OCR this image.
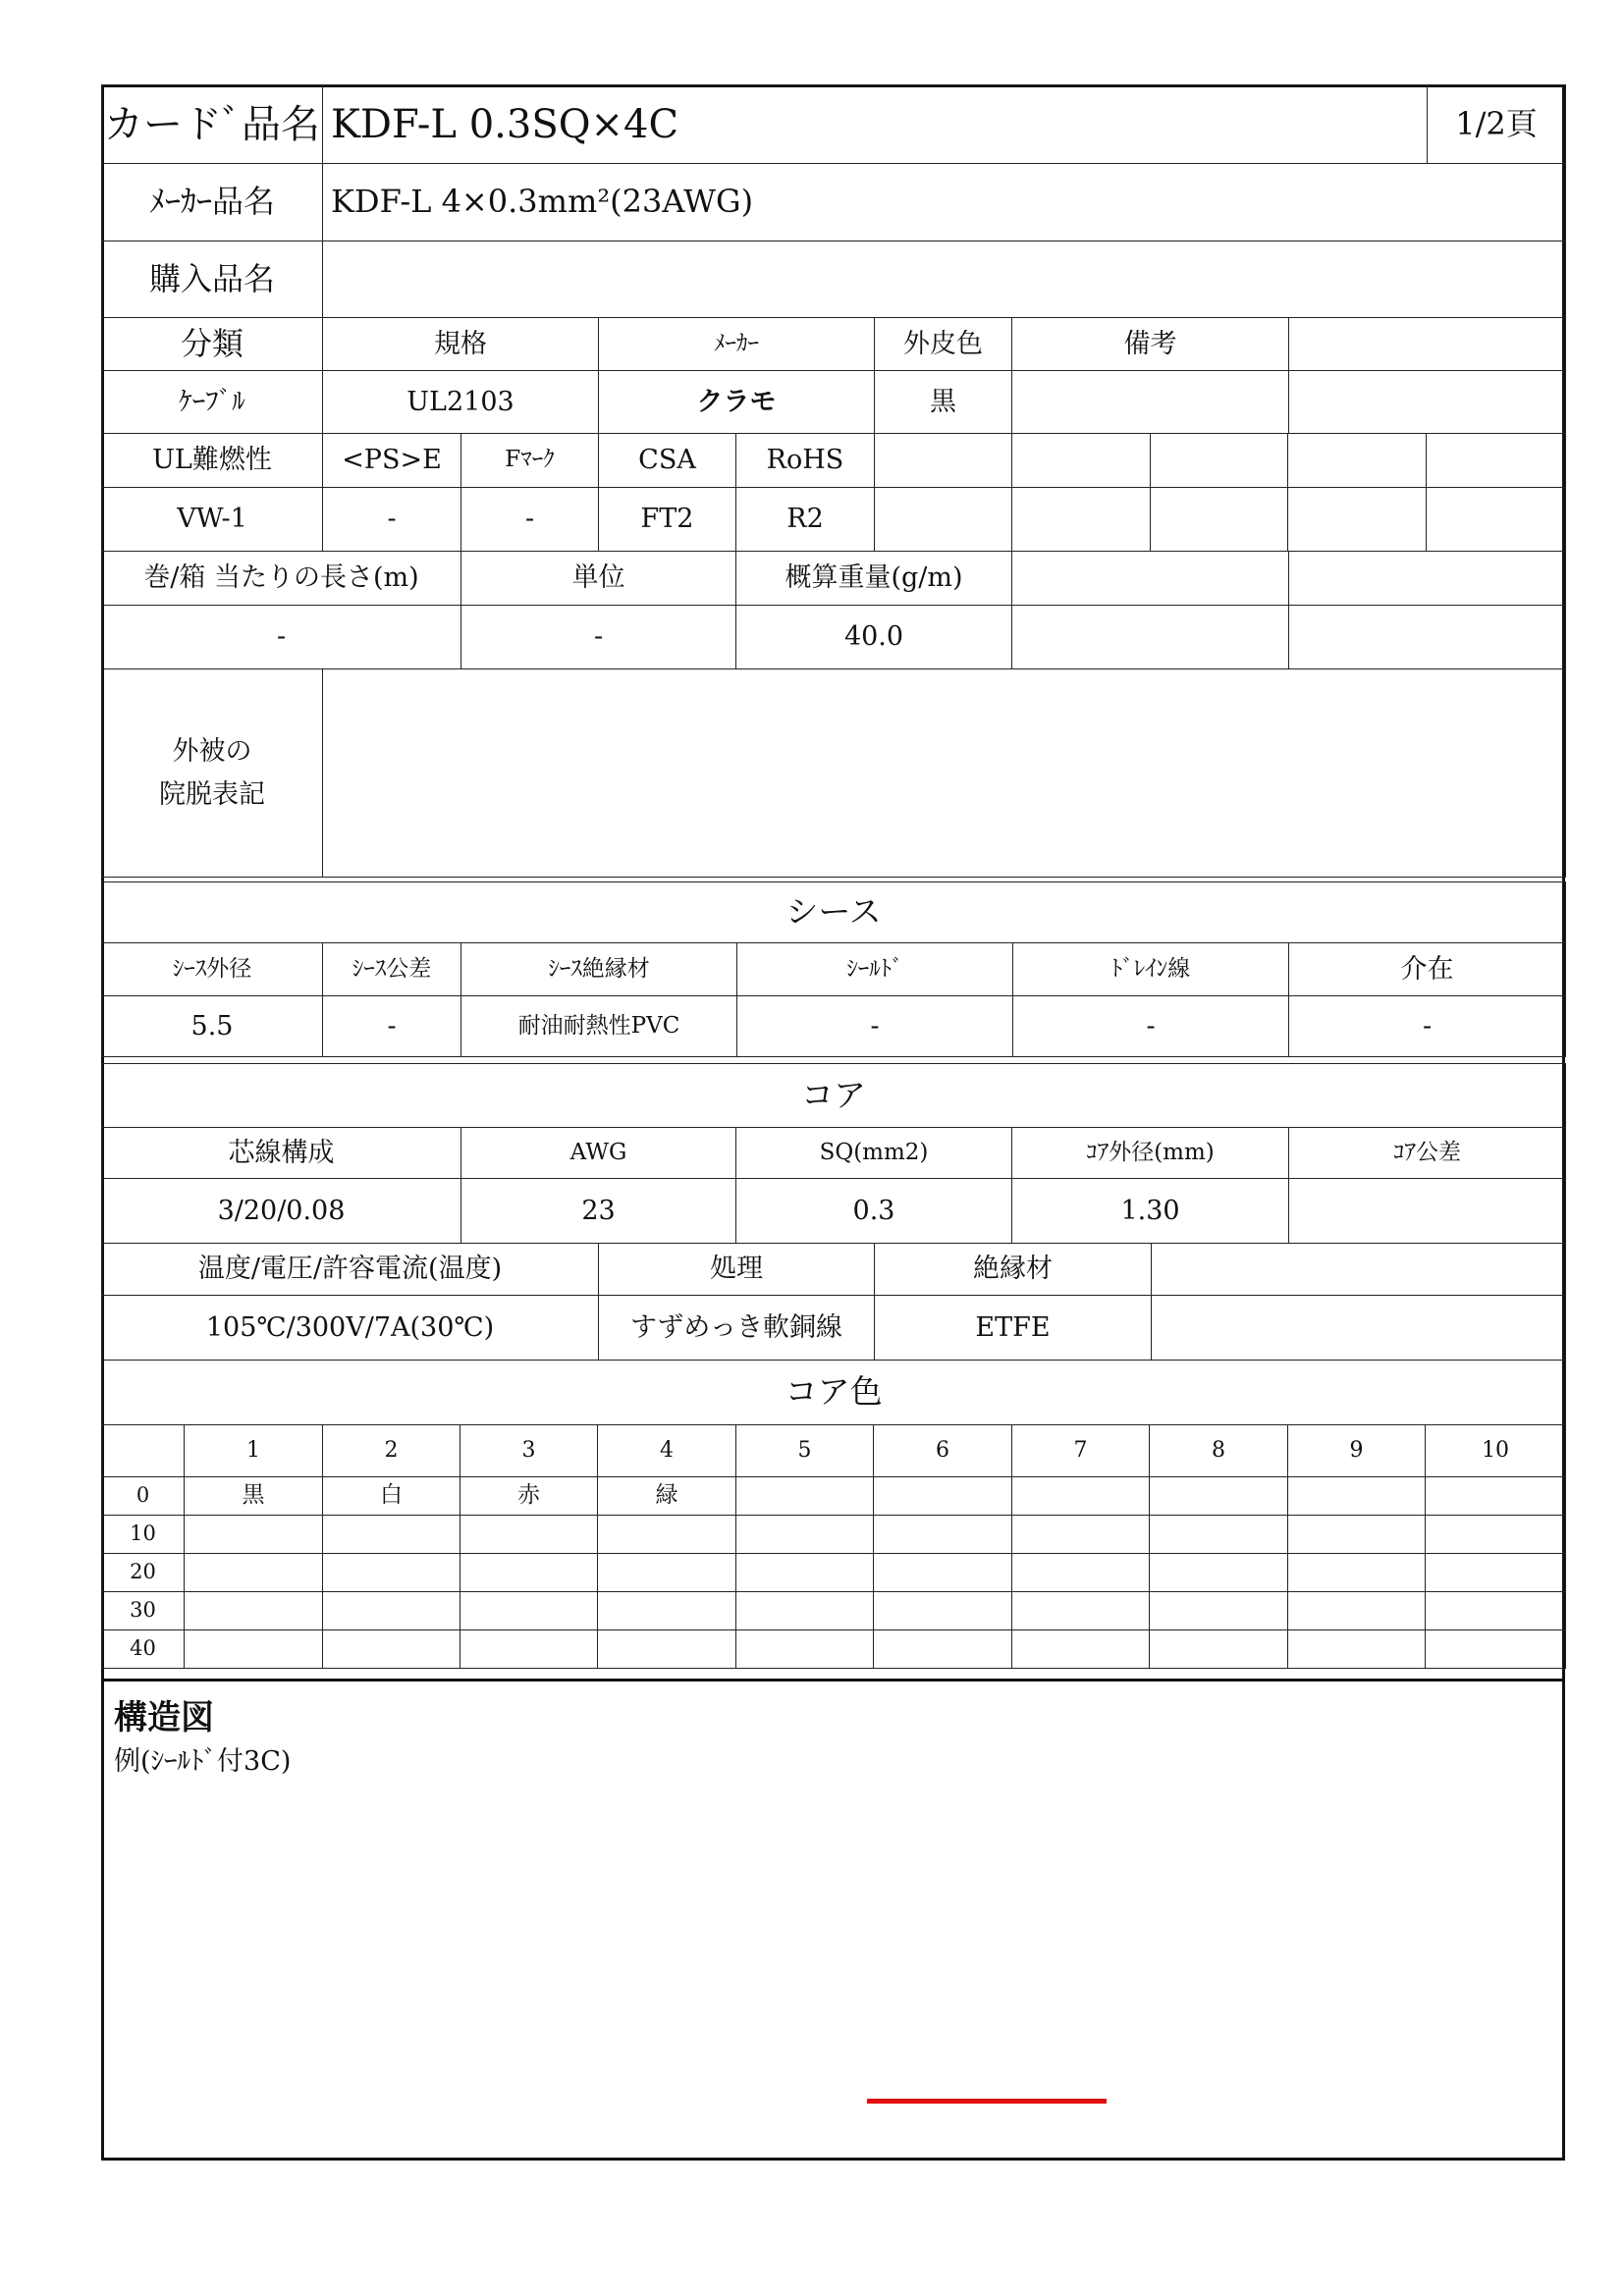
カードﾞ品名	KDF-L 0.3SQ×4C	1/2頁
ﾒｰｶｰ品名	KDF-L 4×0.3mm²(23AWG)	
購入品名		
分類	規格	ﾒｰｶｰ	外皮色	備考	
ｹｰﾌﾞﾙ	UL2103	クラモ	黒		
UL難燃性	<PS>E	Fﾏｰｸ	CSA	RoHS					
VW-1	-	-	FT2	R2					
巻/箱 当たりの長さ(m)	単位	概算重量(g/m)		
-	-	40.0		
外被の
院脱表記

シース					
ｼｰｽ外径	ｼｰｽ公差	ｼｰｽ絶縁材	ｼｰﾙﾄﾞ	ﾄﾞﾚｲﾝ線	介在
5.5	-	耐油耐熱性PVC	-	-	-
コア				
芯線構成	AWG	SQ(mm2)	ｺｱ外径(mm)	ｺｱ公差
3/20/0.08	23	0.3	1.30	
温度/電圧/許容電流(温度)	処理	絶縁材	
105℃/300V/7A(30℃)	すずめっき軟銅線	ETFE	
コア色										
	1	2	3	4	5	6	7	8	9	10
0	黒	白	赤	緑						
10										
20										
30										
40										
構造図
例(ｼｰﾙﾄﾞ付3C)
